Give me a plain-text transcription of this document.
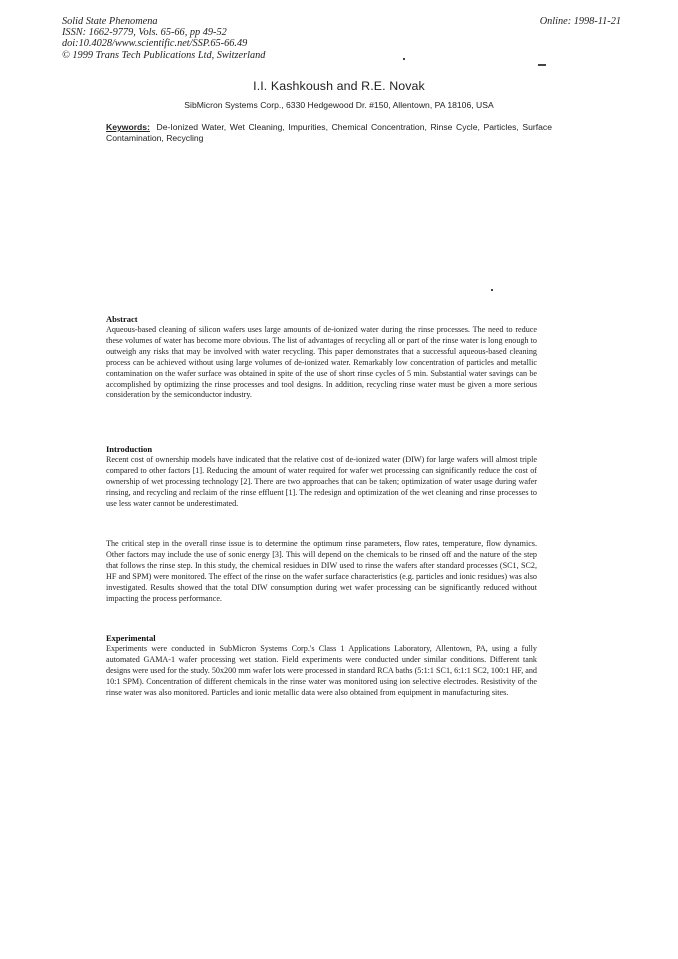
Solid State Phenomena
ISSN: 1662-9779, Vols. 65-66, pp 49-52
doi:10.4028/www.scientific.net/SSP.65-66.49
© 1999 Trans Tech Publications Ltd, Switzerland
Online: 1998-11-21
I.I. Kashkoush and R.E. Novak
SibMicron Systems Corp., 6330 Hedgewood Dr. #150, Allentown, PA 18106, USA
Keywords: De-Ionized Water, Wet Cleaning, Impurities, Chemical Concentration, Rinse Cycle, Particles, Surface Contamination, Recycling
Abstract
Aqueous-based cleaning of silicon wafers uses large amounts of de-ionized water during the rinse processes. The need to reduce these volumes of water has become more obvious. The list of advantages of recycling all or part of the rinse water is long enough to outweigh any risks that may be involved with water recycling. This paper demonstrates that a successful aqueous-based cleaning process can be achieved without using large volumes of de-ionized water. Remarkably low concentration of particles and metallic contamination on the wafer surface was obtained in spite of the use of short rinse cycles of 5 min. Substantial water savings can be accomplished by optimizing the rinse processes and tool designs. In addition, recycling rinse water must be given a more serious consideration by the semiconductor industry.
Introduction
Recent cost of ownership models have indicated that the relative cost of de-ionized water (DIW) for large wafers will almost triple compared to other factors [1]. Reducing the amount of water required for wafer wet processing can significantly reduce the cost of ownership of wet processing technology [2]. There are two approaches that can be taken; optimization of water usage during wafer rinsing, and recycling and reclaim of the rinse effluent [1]. The redesign and optimization of the wet cleaning and rinse processes to use less water cannot be underestimated.
The critical step in the overall rinse issue is to determine the optimum rinse parameters, flow rates, temperature, flow dynamics. Other factors may include the use of sonic energy [3]. This will depend on the chemicals to be rinsed off and the nature of the step that follows the rinse step. In this study, the chemical residues in DIW used to rinse the wafers after standard processes (SC1, SC2, HF and SPM) were monitored. The effect of the rinse on the wafer surface characteristics (e.g. particles and ionic residues) was also investigated. Results showed that the total DIW consumption during wet wafer processing can be significantly reduced without impacting the process performance.
Experimental
Experiments were conducted in SubMicron Systems Corp.'s Class 1 Applications Laboratory, Allentown, PA, using a fully automated GAMA-1 wafer processing wet station. Field experiments were conducted under similar conditions. Different tank designs were used for the study. 50x200 mm wafer lots were processed in standard RCA baths (5:1:1 SC1, 6:1:1 SC2, 100:1 HF, and 10:1 SPM). Concentration of different chemicals in the rinse water was monitored using ion selective electrodes. Resistivity of the rinse water was also monitored. Particles and ionic metallic data were also obtained from equipment in manufacturing sites.
